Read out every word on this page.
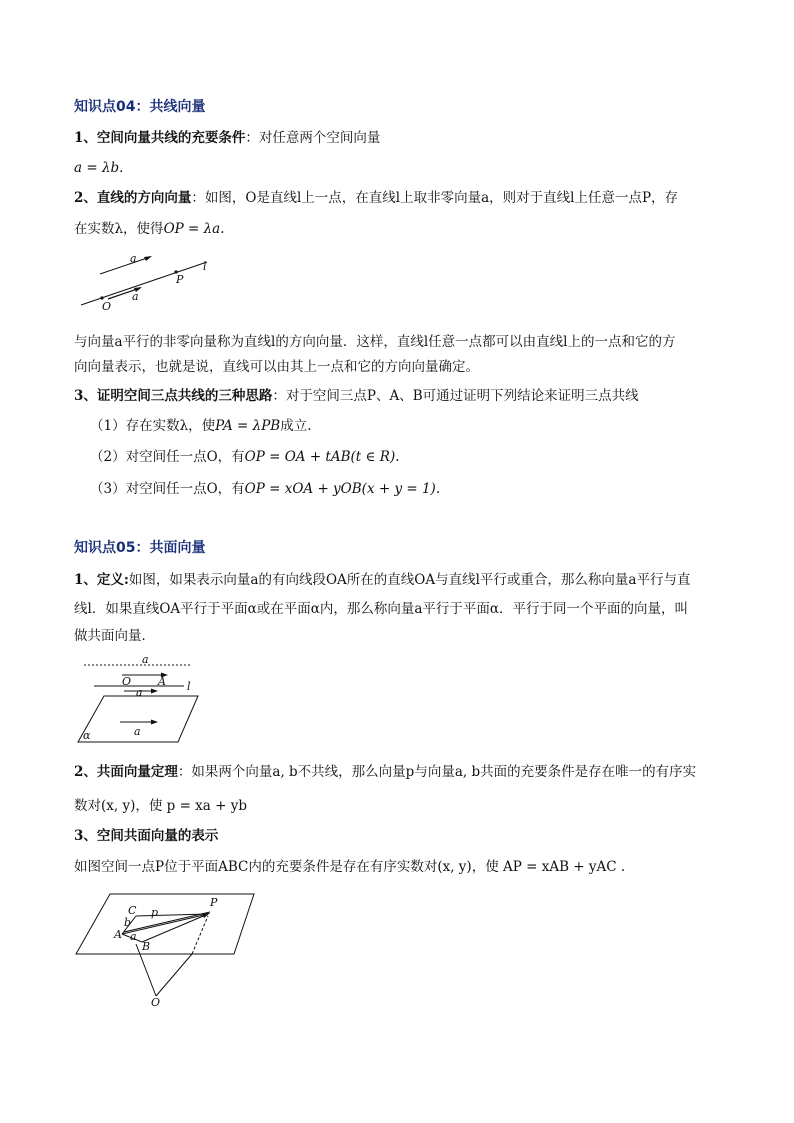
知识点04：共线向量
1、空间向量共线的充要条件：对任意两个空间向量
a = λb.
2、直线的方向向量：如图，O是直线l上一点，在直线l上取非零向量a，则对于直线l上任意一点P，存
在实数λ，使得OP = λa.
a
a
P
O
l
与向量a平行的非零向量称为直线l的方向向量．这样，直线l任意一点都可以由直线l上的一点和它的方
向向量表示，也就是说，直线可以由其上一点和它的方向向量确定。
3、证明空间三点共线的三种思路：对于空间三点P、A、B可通过证明下列结论来证明三点共线
（1）存在实数λ，使PA = λPB成立.
（2）对空间任一点O，有OP = OA + tAB(t ∈ R).
（3）对空间任一点O，有OP = xOA + yOB(x + y = 1).
知识点05：共面向量
1、定义:如图，如果表示向量a的有向线段OA所在的直线OA与直线l平行或重合，那么称向量a平行与直
线l．如果直线OA平行于平面α或在平面α内，那么称向量a平行于平面α．平行于同一个平面的向量，叫
做共面向量．
a
O A
a	l
a
α
2、共面向量定理：如果两个向量a, b不共线，那么向量p与向量a, b共面的充要条件是存在唯一的有序实
数对(x, y)，使 p = xa + yb
3、空间共面向量的表示
如图空间一点P位于平面ABC内的充要条件是存在有序实数对(x, y)，使 AP = xAB + yAC .
C
b
p
P
A a
B
O
